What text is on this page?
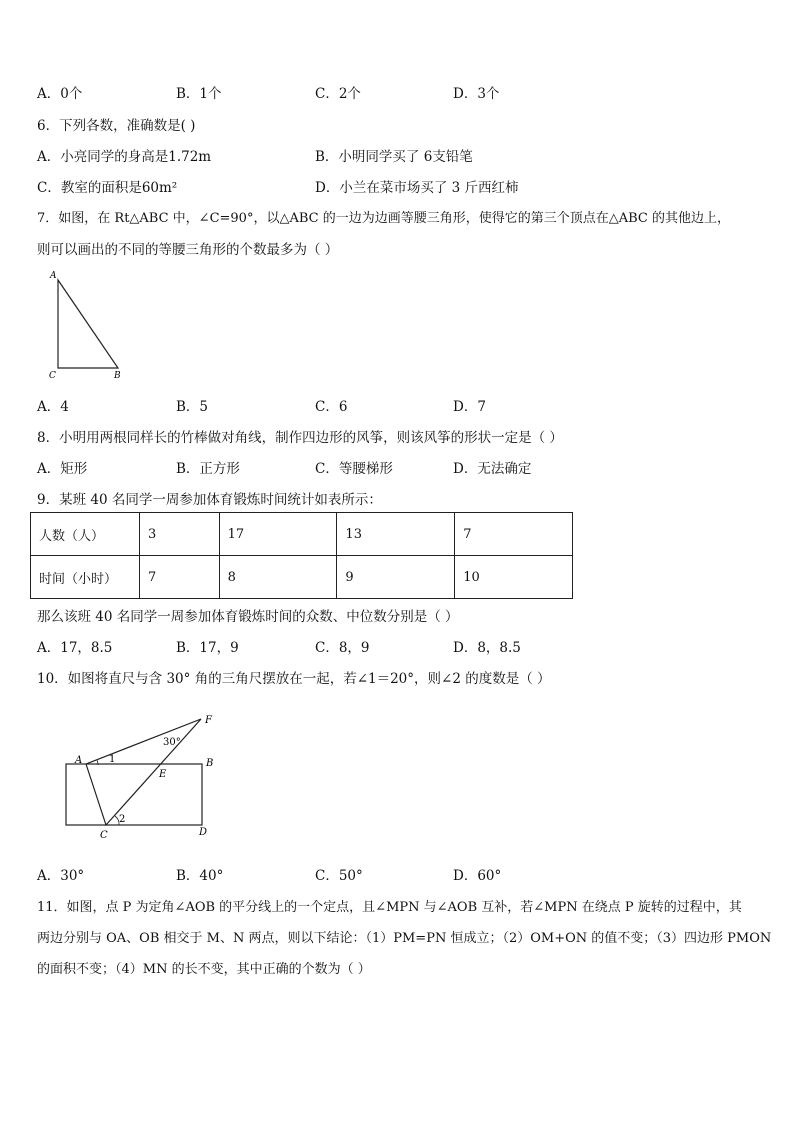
A．0个	B．1个	C．2个	D．3个
6．下列各数，准确数是( )
A．小亮同学的身高是1.72m	B．小明同学买了 6支铅笔
C．教室的面积是60m²	D．小兰在菜市场买了 3 斤西红柿
7．如图，在 Rt△ABC 中，∠C=90°，以△ABC 的一边为边画等腰三角形，使得它的第三个顶点在△ABC 的其他边上，
则可以画出的不同的等腰三角形的个数最多为（ ）
A
C	B
A．4	B．5	C．6	D．7
8．小明用两根同样长的竹棒做对角线，制作四边形的风筝，则该风筝的形状一定是（ ）
A．矩形	B．正方形	C．等腰梯形	D．无法确定
9．某班 40 名同学一周参加体育锻炼时间统计如表所示：
人数（人）	3	17	13	7
时间（小时）	7	8	9	10
那么该班 40 名同学一周参加体育锻炼时间的众数、中位数分别是（ ）
A．17，8.5	B．17，9	C．8，9	D．8，8.5
10．如图将直尺与含 30° 角的三角尺摆放在一起，若∠1＝20°，则∠2 的度数是（ ）
A	B
C	D
E
F
30°
1
2
A．30°	B．40°	C．50°	D．60°
11．如图，点 P 为定角∠AOB 的平分线上的一个定点，且∠MPN 与∠AOB 互补，若∠MPN 在绕点 P 旋转的过程中，其
两边分别与 OA、OB 相交于 M、N 两点，则以下结论：（1）PM=PN 恒成立；（2）OM+ON 的值不变；（3）四边形 PMON
的面积不变；（4）MN 的长不变，其中正确的个数为（ ）
